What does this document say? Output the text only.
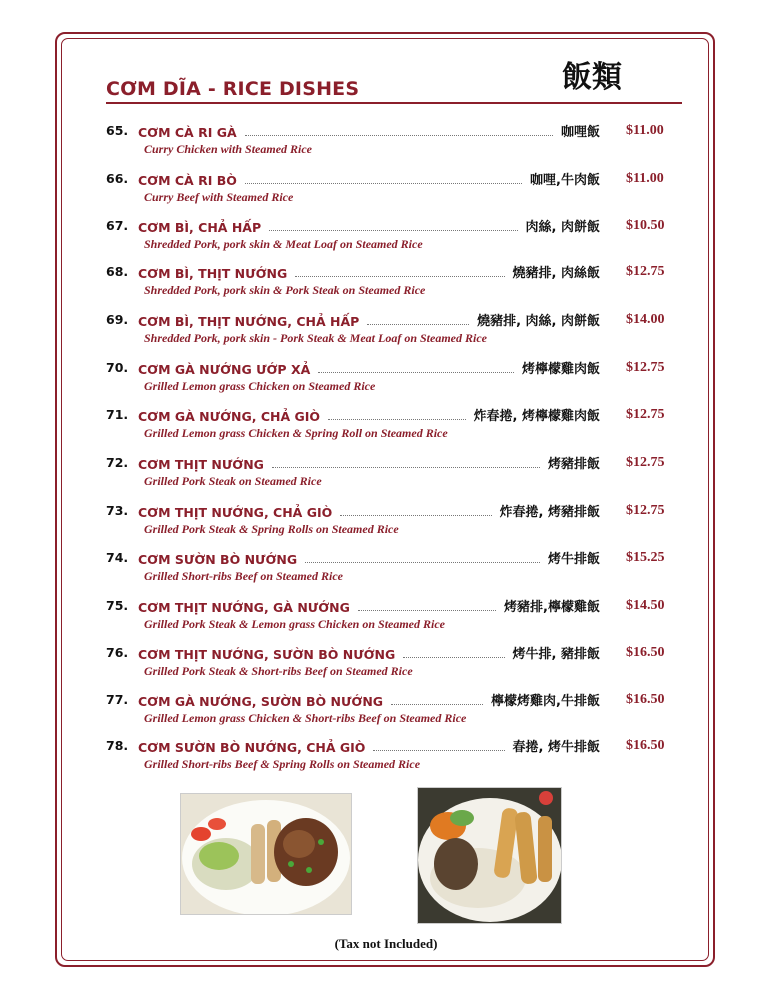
CƠM DĨA - RICE DISHES	飯類
65. CƠM CÀ RI GÀ	咖哩飯 $11.00
Curry Chicken with Steamed Rice
66. CƠM CÀ RI BÒ	咖哩,牛肉飯 $11.00
Curry Beef with Steamed Rice
67. CƠM BÌ, CHẢ HẤP	肉絲, 肉餅飯 $10.50
Shredded Pork, pork skin & Meat Loaf on Steamed Rice
68. CƠM BÌ, THỊT NƯỚNG	燒豬排, 肉絲飯 $12.75
Shredded Pork, pork skin & Pork Steak on Steamed Rice
69. CƠM BÌ, THỊT NƯỚNG, CHẢ HẤP	燒豬排, 肉絲, 肉餅飯 $14.00
Shredded Pork, pork skin - Pork Steak & Meat Loaf on Steamed Rice
70. CƠM GÀ NƯỚNG ƯỚP XẢ	烤檸檬雞肉飯 $12.75
Grilled Lemon grass Chicken on Steamed Rice
71. CƠM GÀ NƯỚNG, CHẢ GIÒ	炸春捲, 烤檸檬雞肉飯 $12.75
Grilled Lemon grass Chicken & Spring Roll on Steamed Rice
72. CƠM THỊT NƯỚNG	烤豬排飯 $12.75
Grilled Pork Steak on Steamed Rice
73. CƠM THỊT NƯỚNG, CHẢ GIÒ	炸春捲, 烤豬排飯 $12.75
Grilled Pork Steak & Spring Rolls on Steamed Rice
74. CƠM SƯỜN BÒ NƯỚNG	烤牛排飯 $15.25
Grilled Short-ribs Beef on Steamed Rice
75. CƠM THỊT NƯỚNG, GÀ NƯỚNG	烤豬排,檸檬雞飯 $14.50
Grilled Pork Steak & Lemon grass Chicken on Steamed Rice
76. CƠM THỊT NƯỚNG, SƯỜN BÒ NƯỚNG	烤牛排, 豬排飯 $16.50
Grilled Pork Steak & Short-ribs Beef on Steamed Rice
77. CƠM GÀ NƯỚNG, SƯỜN BÒ NƯỚNG	檸檬烤雞肉,牛排飯 $16.50
Grilled Lemon grass Chicken & Short-ribs Beef on Steamed Rice
78. CƠM SƯỜN BÒ NƯỚNG, CHẢ GIÒ	春捲, 烤牛排飯 $16.50
Grilled Short-ribs Beef & Spring Rolls on Steamed Rice
(Tax not Included)
